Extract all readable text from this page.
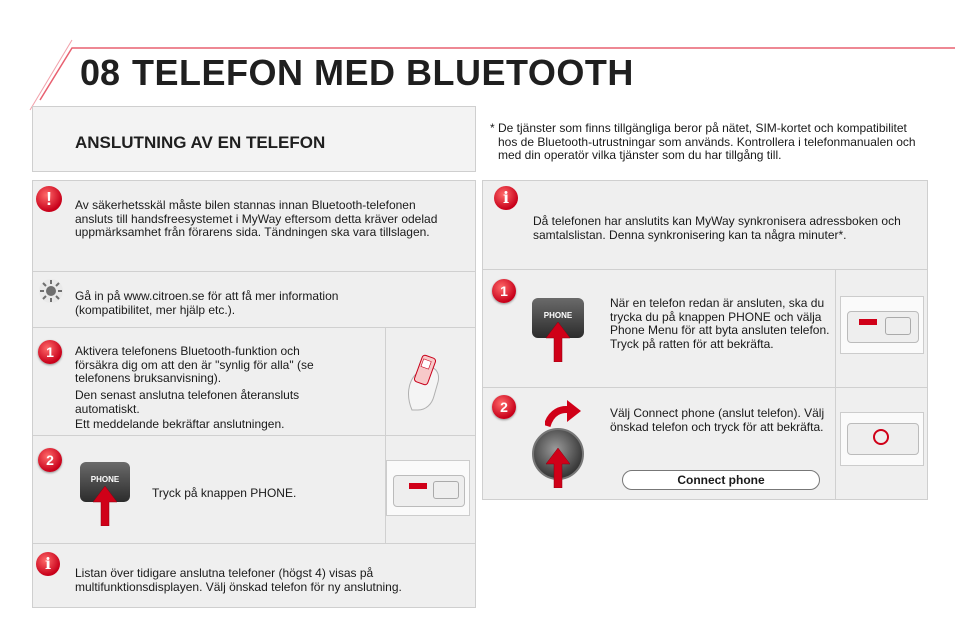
08 TELEFON MED BLUETOOTH
ANSLUTNING AV EN TELEFON
* De tjänster som finns tillgängliga beror på nätet, SIM-kortet och kompatibilitet hos de Bluetooth-utrustningar som används. Kontrollera i telefonmanualen och med din operatör vilka tjänster som du har tillgång till.
!	Av säkerhetsskäl måste bilen stannas innan Bluetooth-telefonen ansluts till handsfreesystemet i MyWay eftersom detta kräver odelad uppmärksamhet från förarens sida. Tändningen ska vara tillslagen.
Gå in på www.citroen.se för att få mer information (kompatibilitet, mer hjälp etc.).
1	Aktivera telefonens Bluetooth-funktion och försäkra dig om att den är "synlig för alla" (se telefonens bruksanvisning).
Den senast anslutna telefonen återansluts automatiskt.
Ett meddelande bekräftar anslutningen.
2
PHONE
Tryck på knappen PHONE.
i	Listan över tidigare anslutna telefoner (högst 4) visas på multifunktionsdisplayen. Välj önskad telefon för ny anslutning.
i
Då telefonen har anslutits kan MyWay synkronisera adressboken och samtalslistan. Denna synkronisering kan ta några minuter*.
1
PHONE
När en telefon redan är ansluten, ska du trycka du på knappen PHONE och välja Phone Menu för att byta ansluten telefon. Tryck på ratten för att bekräfta.
2	Välj Connect phone (anslut telefon). Välj önskad telefon och tryck för att bekräfta.
Connect phone
